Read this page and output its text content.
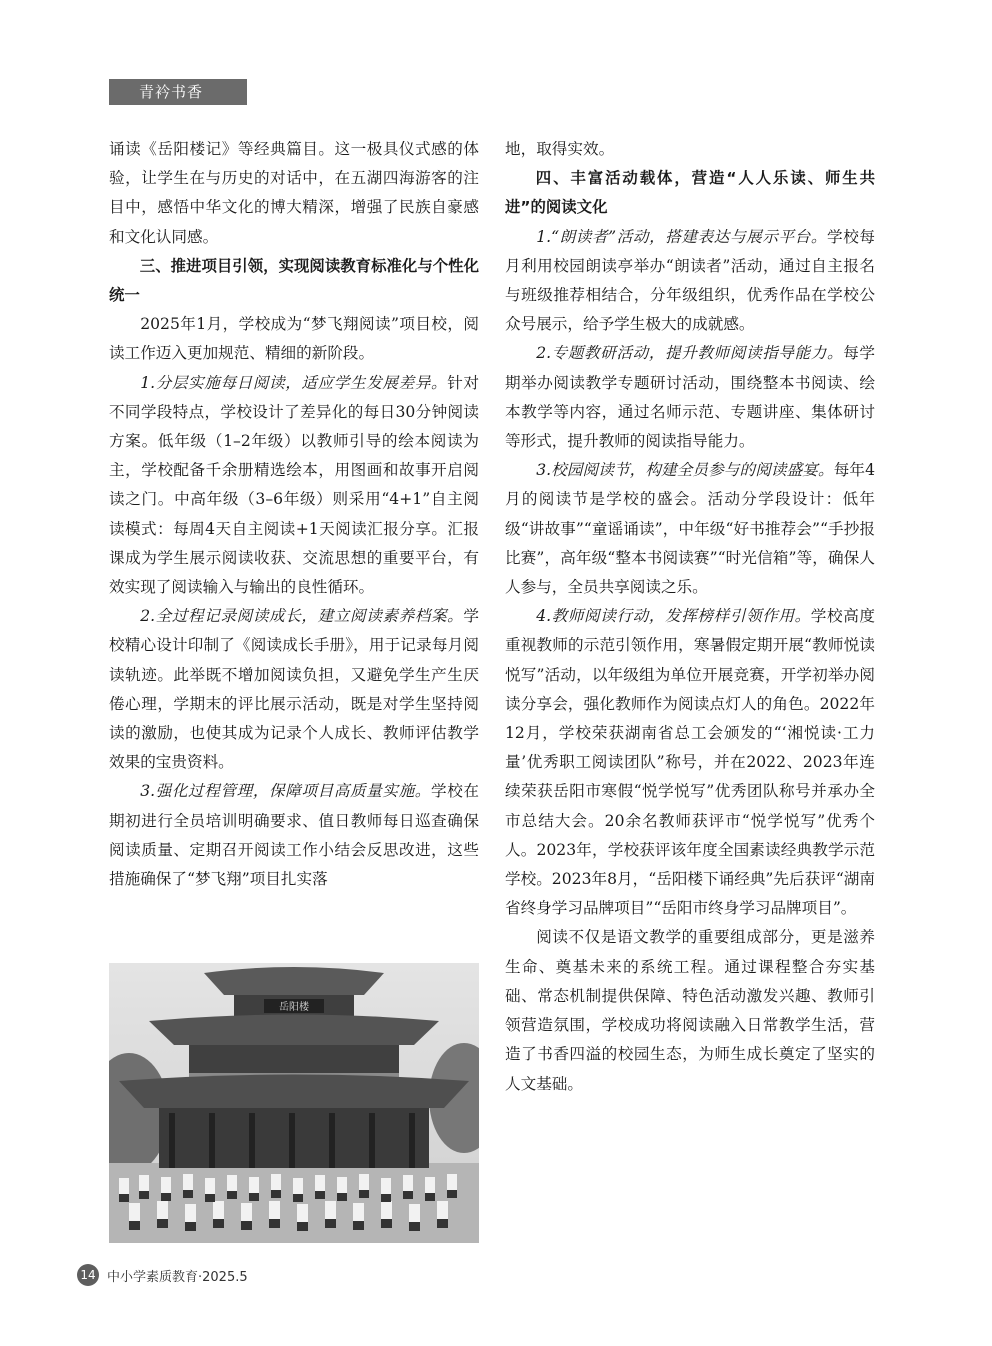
青衿书香

诵读《岳阳楼记》等经典篇目。这一极具仪式感的体验，让学生在与历史的对话中，在五湖四海游客的注目中，感悟中华文化的博大精深，增强了民族自豪感和文化认同感。

三、推进项目引领，实现阅读教育标准化与个性化统一

2025年1月，学校成为“梦飞翔阅读”项目校，阅读工作迈入更加规范、精细的新阶段。

1.分层实施每日阅读，适应学生发展差异。针对不同学段特点，学校设计了差异化的每日30分钟阅读方案。低年级（1–2年级）以教师引导的绘本阅读为主，学校配备千余册精选绘本，用图画和故事开启阅读之门。中高年级（3–6年级）则采用“4+1”自主阅读模式：每周4天自主阅读+1天阅读汇报分享。汇报课成为学生展示阅读收获、交流思想的重要平台，有效实现了阅读输入与输出的良性循环。

2.全过程记录阅读成长，建立阅读素养档案。学校精心设计印制了《阅读成长手册》，用于记录每月阅读轨迹。此举既不增加阅读负担，又避免学生产生厌倦心理，学期末的评比展示活动，既是对学生坚持阅读的激励，也使其成为记录个人成长、教师评估教学效果的宝贵资料。

3.强化过程管理，保障项目高质量实施。学校在期初进行全员培训明确要求、值日教师每日巡查确保阅读质量、定期召开阅读工作小结会反思改进，这些措施确保了“梦飞翔”项目扎实落

岳阳楼

地，取得实效。

四、丰富活动载体，营造“人人乐读、师生共进”的阅读文化

1.“朗读者”活动，搭建表达与展示平台。学校每月利用校园朗读亭举办“朗读者”活动，通过自主报名与班级推荐相结合，分年级组织，优秀作品在学校公众号展示，给予学生极大的成就感。

2.专题教研活动，提升教师阅读指导能力。每学期举办阅读教学专题研讨活动，围绕整本书阅读、绘本教学等内容，通过名师示范、专题讲座、集体研讨等形式，提升教师的阅读指导能力。

3.校园阅读节，构建全员参与的阅读盛宴。每年4月的阅读节是学校的盛会。活动分学段设计：低年级“讲故事”“童谣诵读”，中年级“好书推荐会”“手抄报比赛”，高年级“整本书阅读赛”“时光信箱”等，确保人人参与，全员共享阅读之乐。

4.教师阅读行动，发挥榜样引领作用。学校高度重视教师的示范引领作用，寒暑假定期开展“教师悦读悦写”活动，以年级组为单位开展竞赛，开学初举办阅读分享会，强化教师作为阅读点灯人的角色。2022年12月，学校荣获湖南省总工会颁发的“‘湘悦读·工力量’优秀职工阅读团队”称号，并在2022、2023年连续荣获岳阳市寒假“悦学悦写”优秀团队称号并承办全市总结大会。20余名教师获评市“悦学悦写”优秀个人。2023年，学校获评该年度全国素读经典教学示范学校。2023年8月，“岳阳楼下诵经典”先后获评“湖南省终身学习品牌项目”“岳阳市终身学习品牌项目”。

阅读不仅是语文教学的重要组成部分，更是滋养生命、奠基未来的系统工程。通过课程整合夯实基础、常态机制提供保障、特色活动激发兴趣、教师引领营造氛围，学校成功将阅读融入日常教学生活，营造了书香四溢的校园生态，为师生成长奠定了坚实的人文基础。

14 中小学素质教育·2025.5
